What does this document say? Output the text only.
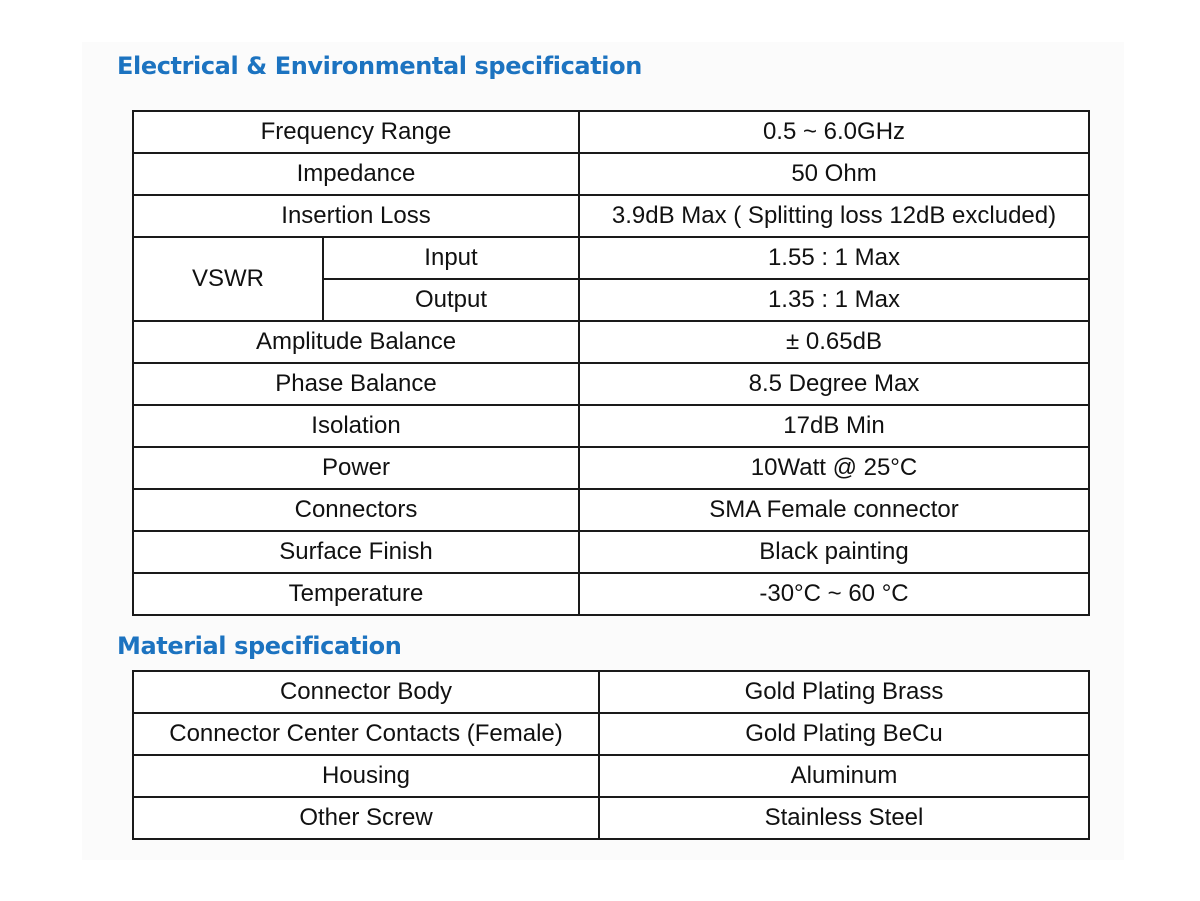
Electrical & Environmental specification
Frequency Range		0.5 ~ 6.0GHz
Impedance		50 Ohm
Insertion Loss		3.9dB Max ( Splitting loss 12dB excluded)
VSWR	Input	1.55 : 1 Max
	Output	1.35 : 1 Max
Amplitude Balance		± 0.65dB
Phase Balance		8.5 Degree Max
Isolation		17dB Min
Power		10Watt @ 25°C
Connectors		SMA Female connector
Surface Finish		Black painting
Temperature		-30°C ~ 60 °C
Material specification
Connector Body	Gold Plating Brass
Connector Center Contacts (Female)	Gold Plating BeCu
Housing	Aluminum
Other Screw	Stainless Steel
